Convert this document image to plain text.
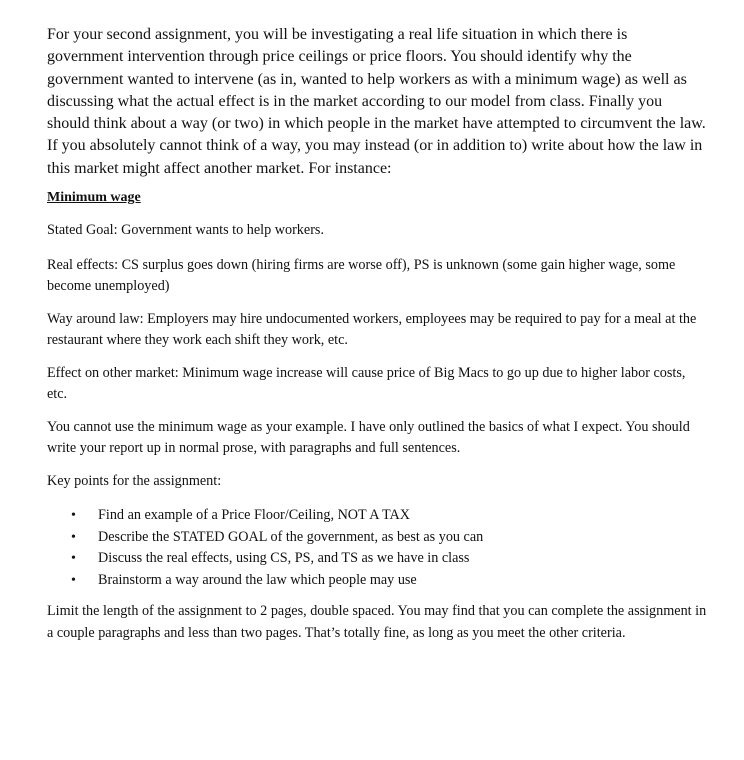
For your second assignment, you will be investigating a real life situation in which there is government intervention through price ceilings or price floors. You should identify why the government wanted to intervene (as in, wanted to help workers as with a minimum wage) as well as discussing what the actual effect is in the market according to our model from class. Finally you should think about a way (or two) in which people in the market have attempted to circumvent the law. If you absolutely cannot think of a way, you may instead (or in addition to) write about how the law in this market might affect another market. For instance:

Minimum wage

Stated Goal: Government wants to help workers.

Real effects: CS surplus goes down (hiring firms are worse off), PS is unknown (some gain higher wage, some become unemployed)

Way around law: Employers may hire undocumented workers, employees may be required to pay for a meal at the restaurant where they work each shift they work, etc.

Effect on other market: Minimum wage increase will cause price of Big Macs to go up due to higher labor costs, etc.

You cannot use the minimum wage as your example. I have only outlined the basics of what I expect. You should write your report up in normal prose, with paragraphs and full sentences.

Key points for the assignment:

• Find an example of a Price Floor/Ceiling, NOT A TAX
• Describe the STATED GOAL of the government, as best as you can
• Discuss the real effects, using CS, PS, and TS as we have in class
• Brainstorm a way around the law which people may use

Limit the length of the assignment to 2 pages, double spaced. You may find that you can complete the assignment in a couple paragraphs and less than two pages. That’s totally fine, as long as you meet the other criteria.
